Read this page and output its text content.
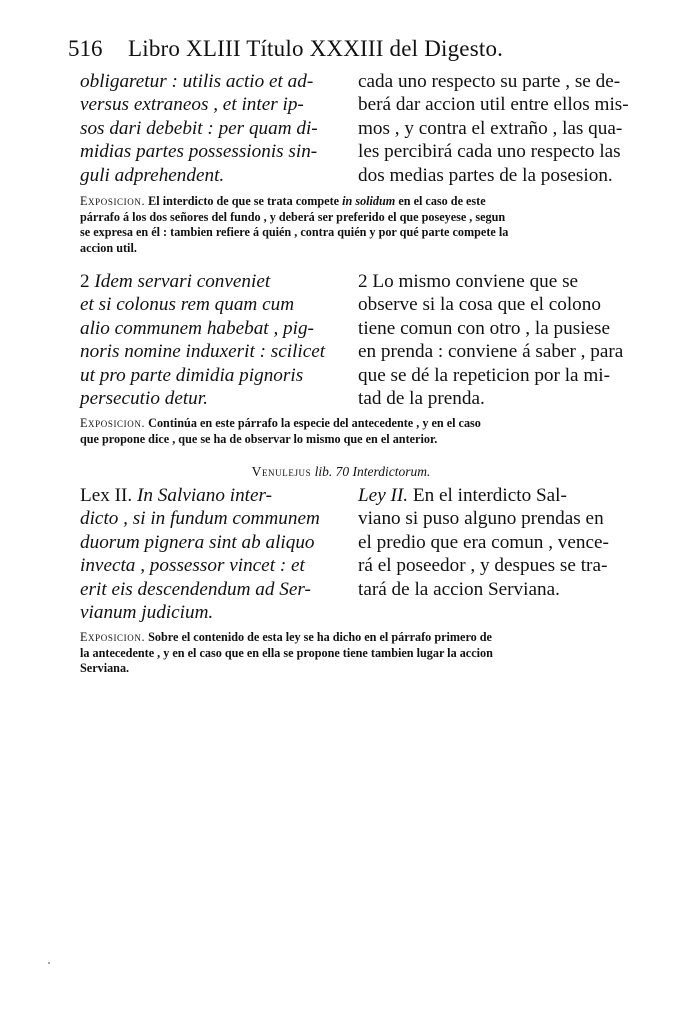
516 Libro XLIII Título XXXIII del Digesto.

obligaretur : utilis actio et ad-
versus extraneos , et inter ip-
sos dari debebit : per quam di-
midias partes possessionis sin-
guli adprehendent.

cada uno respecto su parte , se de-
berá dar accion util entre ellos mis-
mos , y contra el extraño , las qua-
les percibirá cada uno respecto las
dos medias partes de la posesion.

Exposicion. El interdicto de que se trata compete in solidum en el caso de este
párrafo á los dos señores del fundo , y deberá ser preferido el que poseyese , segun
se expresa en él : tambien refiere á quién , contra quién y por qué parte compete la
accion util.

2 Idem servari conveniet
et si colonus rem quam cum
alio communem habebat , pig-
noris nomine induxerit : scilicet
ut pro parte dimidia pignoris
persecutio detur.

2 Lo mismo conviene que se
observe si la cosa que el colono
tiene comun con otro , la pusiese
en prenda : conviene á saber , para
que se dé la repeticion por la mi-
tad de la prenda.

Exposicion. Continúa en este párrafo la especie del antecedente , y en el caso
que propone dice , que se ha de observar lo mismo que en el anterior.

Venulejus lib. 70 Interdictorum.

Lex II. In Salviano inter-
dicto , si in fundum communem
duorum pignera sint ab aliquo
invecta , possessor vincet : et
erit eis descendendum ad Ser-
vianum judicium.

Ley II. En el interdicto Sal-
viano si puso alguno prendas en
el predio que era comun , vence-
rá el poseedor , y despues se tra-
tará de la accion Serviana.

Exposicion. Sobre el contenido de esta ley se ha dicho en el párrafo primero de
la antecedente , y en el caso que en ella se propone tiene tambien lugar la accion
Serviana.
